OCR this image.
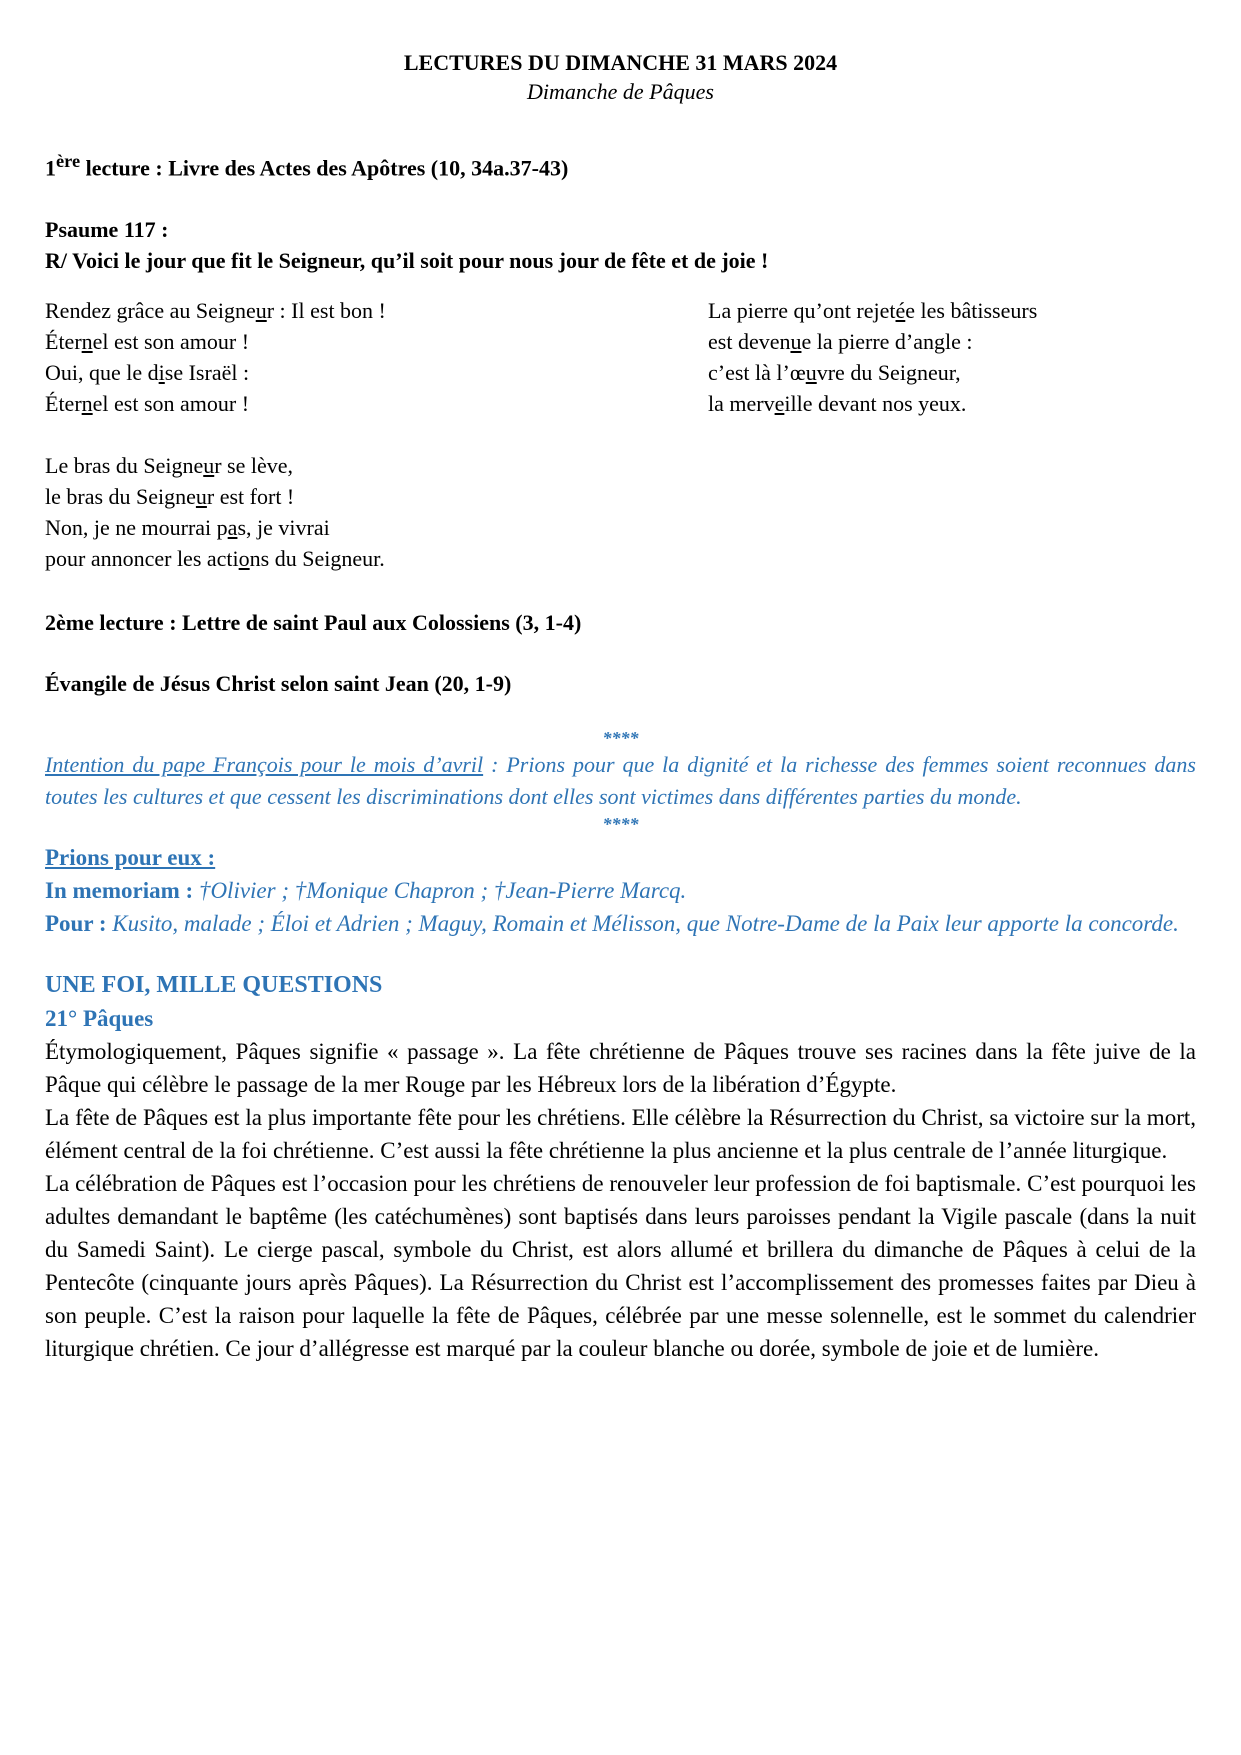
LECTURES DU DIMANCHE 31 MARS 2024
Dimanche de Pâques
1ère lecture : Livre des Actes des Apôtres (10, 34a.37-43)
Psaume 117 :
R/ Voici le jour que fit le Seigneur, qu’il soit pour nous jour de fête et de joie !
Rendez grâce au Seigneur : Il est bon !
Éternel est son amour !
Oui, que le dise Israël :
Éternel est son amour !
Le bras du Seigneur se lève,
le bras du Seigneur est fort !
Non, je ne mourrai pas, je vivrai
pour annoncer les actions du Seigneur.
La pierre qu’ont rejetée les bâtisseurs
est devenue la pierre d’angle :
c’est là l’œuvre du Seigneur,
la merveille devant nos yeux.
2ème lecture : Lettre de saint Paul aux Colossiens (3, 1-4)
Évangile de Jésus Christ selon saint Jean (20, 1-9)
****
Intention du pape François pour le mois d’avril : Prions pour que la dignité et la richesse des femmes soient reconnues dans toutes les cultures et que cessent les discriminations dont elles sont victimes dans différentes parties du monde.
****
Prions pour eux :
In memoriam : †Olivier ; †Monique Chapron ; †Jean-Pierre Marcq.
Pour : Kusito, malade ; Éloi et Adrien ; Maguy, Romain et Mélisson, que Notre-Dame de la Paix leur apporte la concorde.
UNE FOI, MILLE QUESTIONS
21° Pâques

Étymologiquement, Pâques signifie « passage ». La fête chrétienne de Pâques trouve ses racines dans la fête juive de la Pâque qui célèbre le passage de la mer Rouge par les Hébreux lors de la libération d’Égypte.

La fête de Pâques est la plus importante fête pour les chrétiens. Elle célèbre la Résurrection du Christ, sa victoire sur la mort, élément central de la foi chrétienne. C’est aussi la fête chrétienne la plus ancienne et la plus centrale de l’année liturgique.

La célébration de Pâques est l’occasion pour les chrétiens de renouveler leur profession de foi baptismale. C’est pourquoi les adultes demandant le baptême (les catéchumènes) sont baptisés dans leurs paroisses pendant la Vigile pascale (dans la nuit du Samedi Saint). Le cierge pascal, symbole du Christ, est alors allumé et brillera du dimanche de Pâques à celui de la Pentecôte (cinquante jours après Pâques). La Résurrection du Christ est l’accomplissement des promesses faites par Dieu à son peuple. C’est la raison pour laquelle la fête de Pâques, célébrée par une messe solennelle, est le sommet du calendrier liturgique chrétien. Ce jour d’allégresse est marqué par la couleur blanche ou dorée, symbole de joie et de lumière.
